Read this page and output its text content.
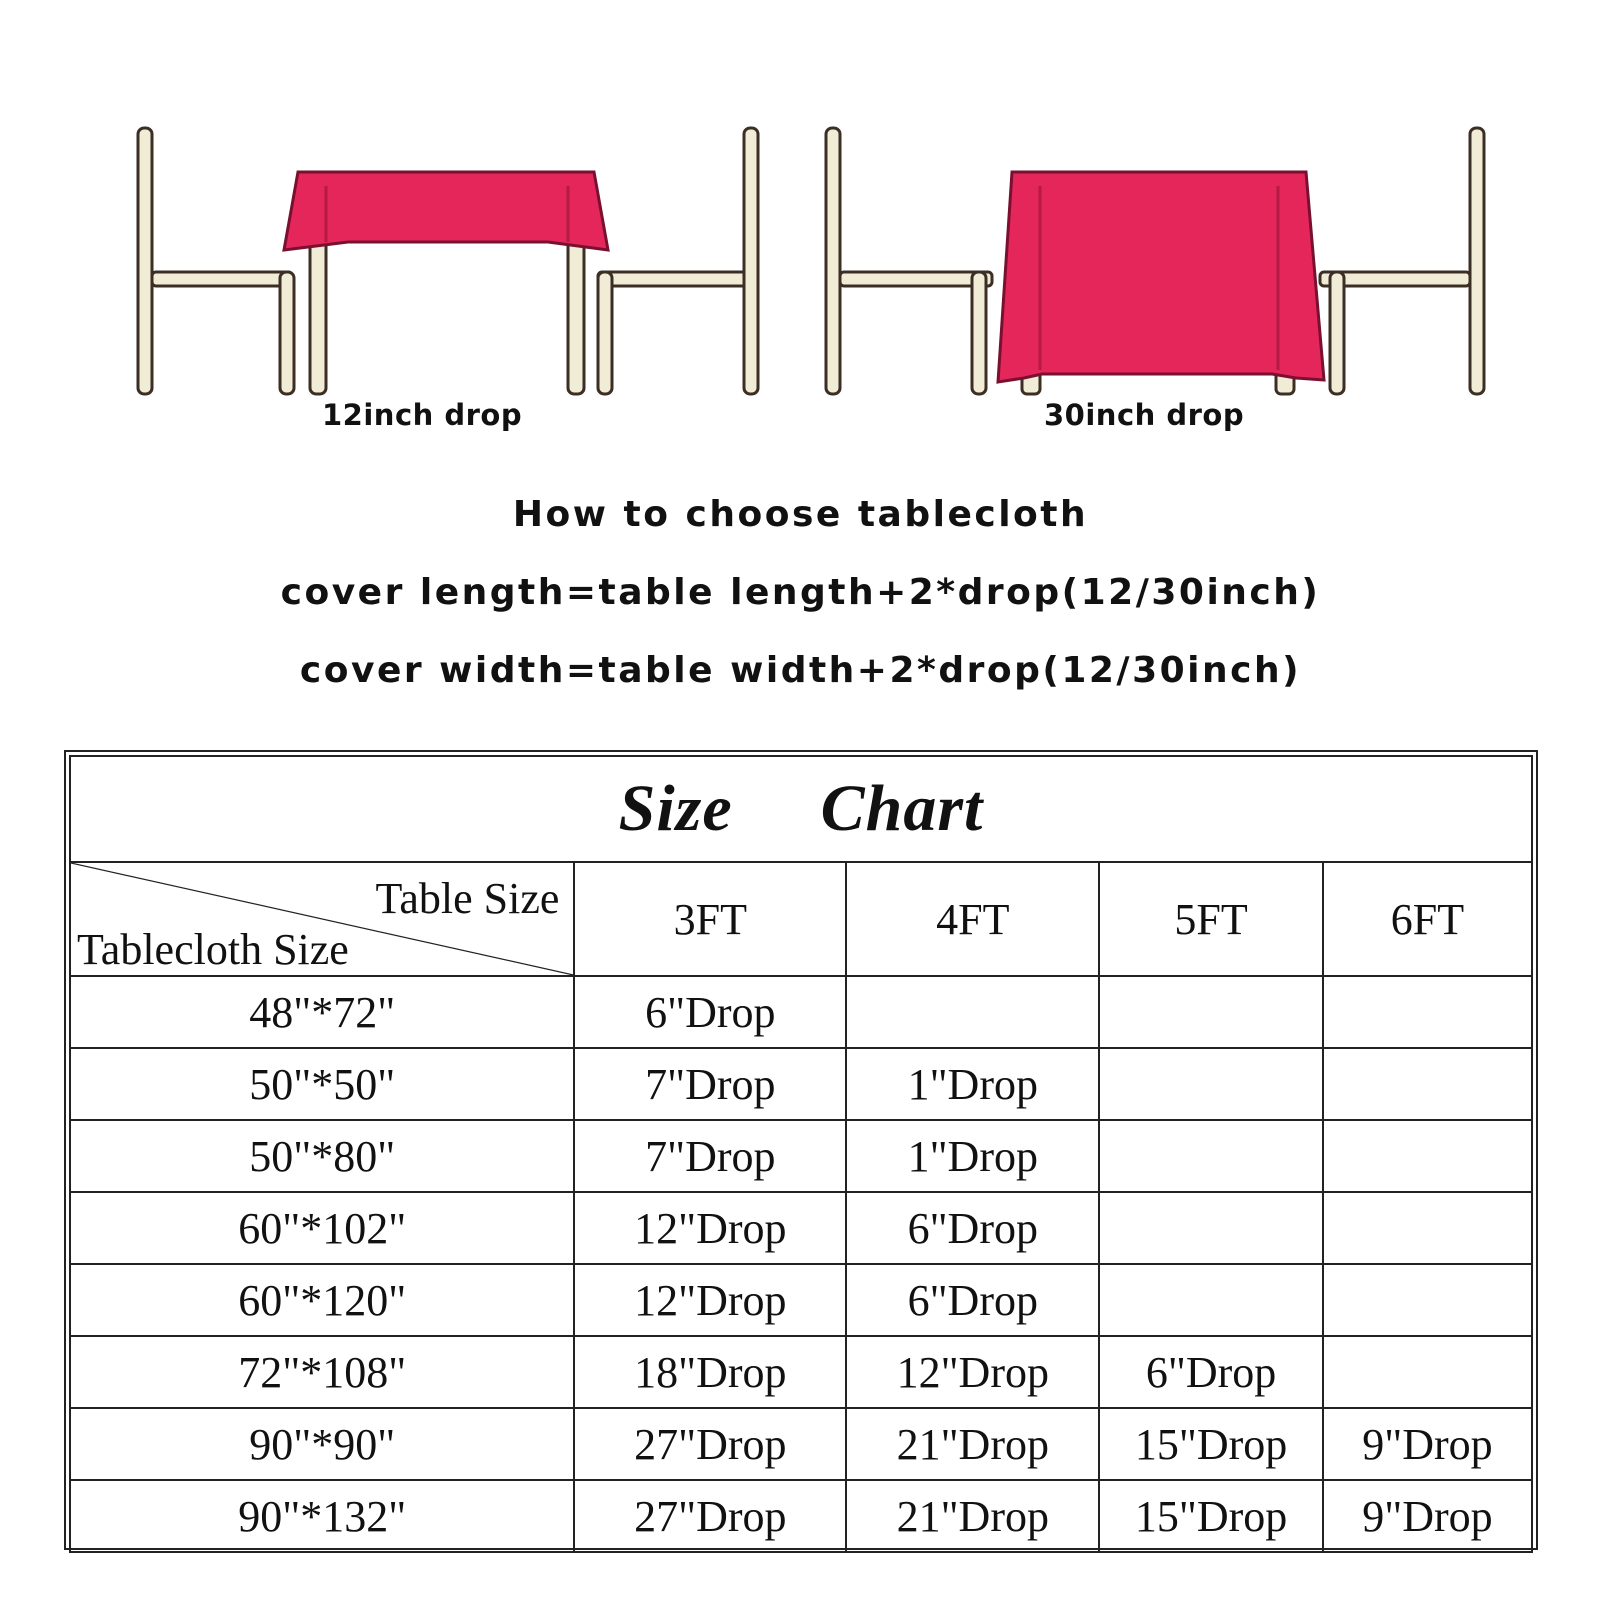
12inch drop	30inch drop
How to choose tablecloth
cover length=table length+2*drop(12/30inch)
cover width=table width+2*drop(12/30inch)
Size Chart				

Table Size
Tablecloth Size	3FT	4FT	5FT	6FT
48"*72"	6"Drop			
50"*50"	7"Drop	1"Drop		
50"*80"	7"Drop	1"Drop		
60"*102"	12"Drop	6"Drop		
60"*120"	12"Drop	6"Drop		
72"*108"	18"Drop	12"Drop	6"Drop	
90"*90"	27"Drop	21"Drop	15"Drop	9"Drop
90"*132"	27"Drop	21"Drop	15"Drop	9"Drop
